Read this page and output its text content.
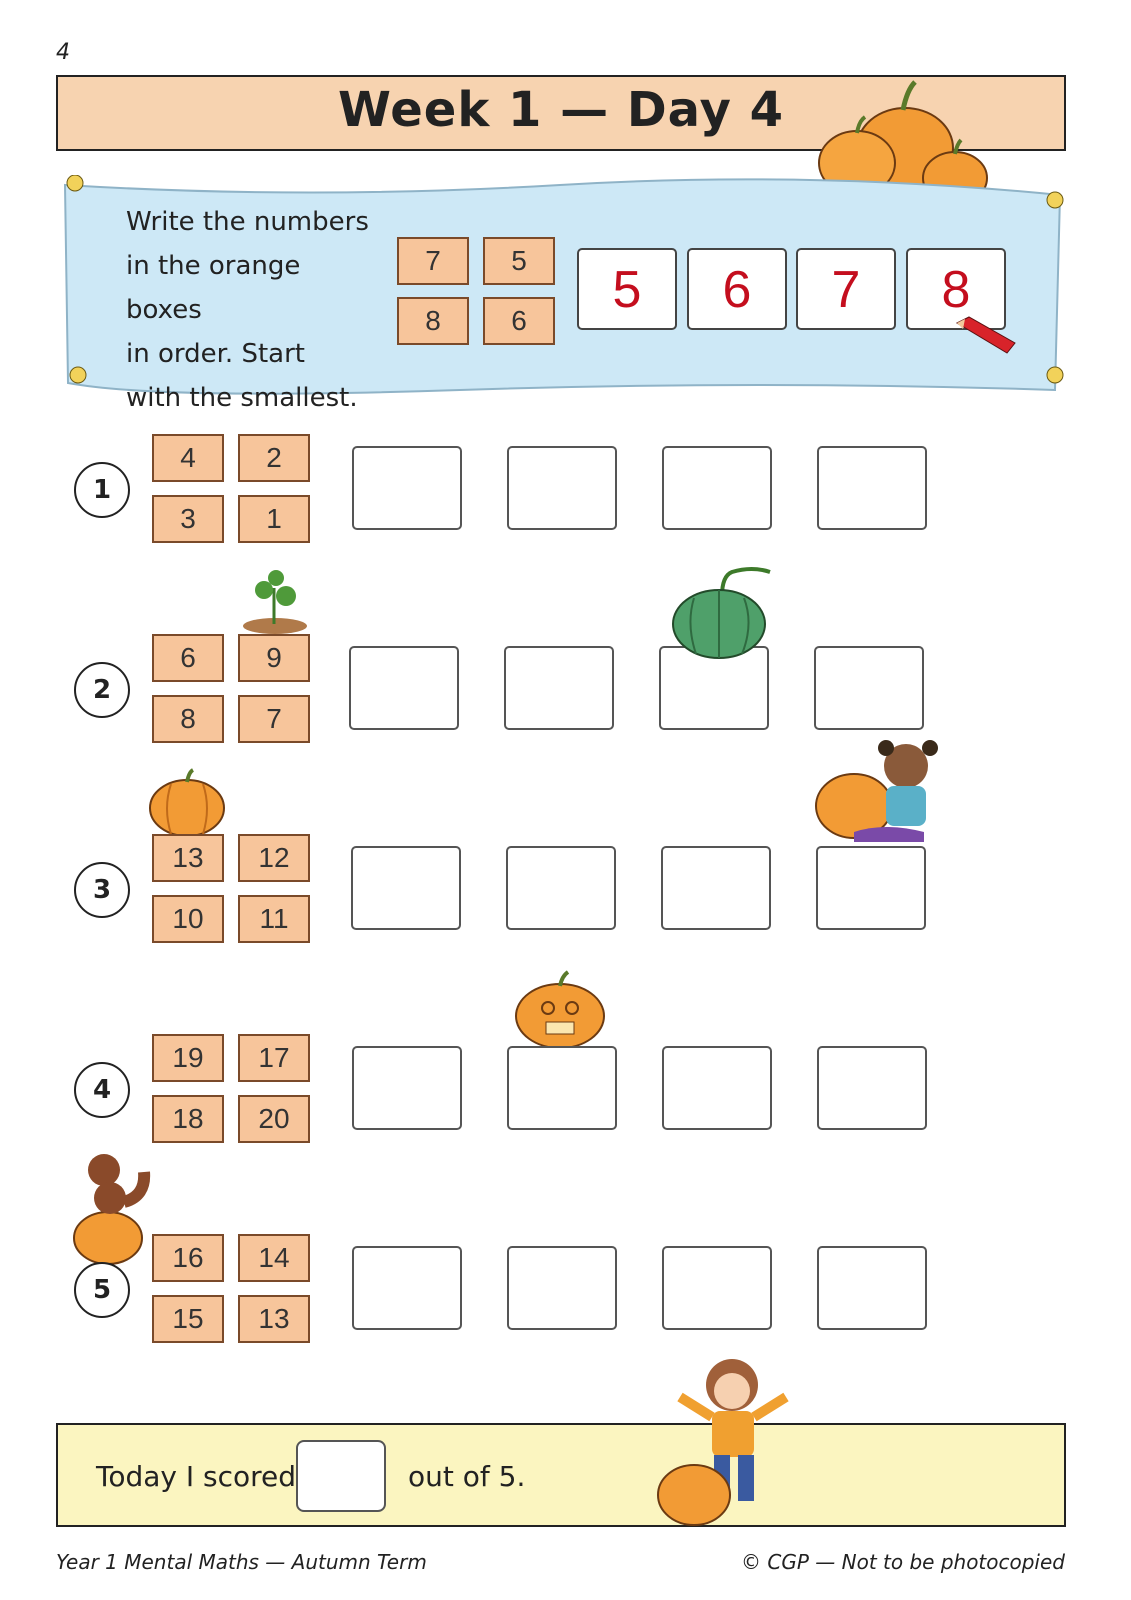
4
Week 1 — Day 4
Write the numbers
in the orange boxes
in order. Start
with the smallest.
7	5
8	6
5	6	7	8
1
4	2
3	1
2
6	9
8	7
3
13	12
10	11
4
19	17
18	20
5
16	14
15	13
Today I scored	out of 5.
Year 1 Mental Maths — Autumn Term	© CGP — Not to be photocopied
